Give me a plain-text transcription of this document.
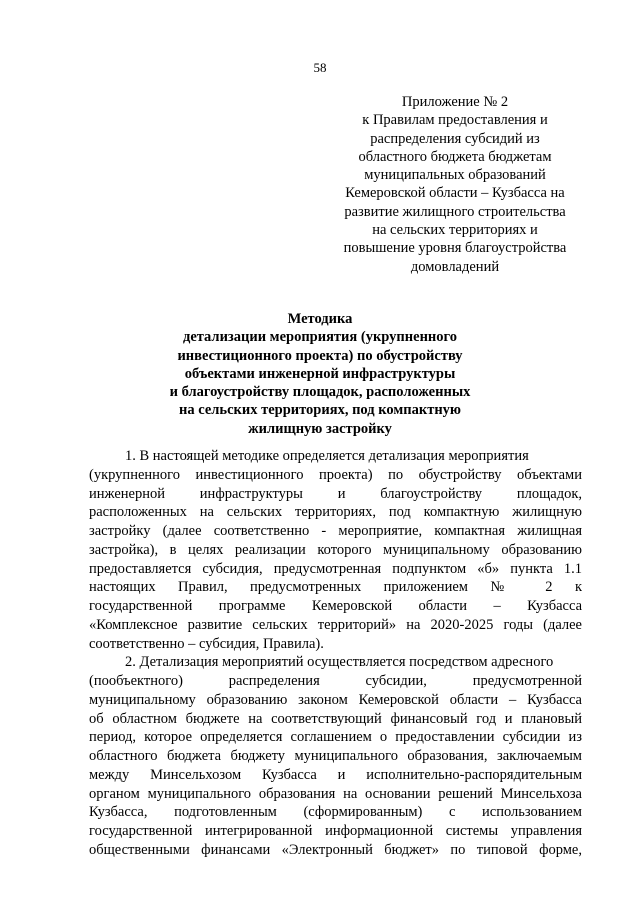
58
Приложение № 2
к Правилам предоставления и
распределения субсидий из
областного бюджета бюджетам
муниципальных образований
Кемеровской области – Кузбасса на
развитие жилищного строительства
на сельских территориях и
повышение уровня благоустройства
домовладений
Методика
детализации мероприятия (укрупненного
инвестиционного проекта) по обустройству
объектами инженерной инфраструктуры
и благоустройству площадок, расположенных
на сельских территориях, под компактную
жилищную застройку
1. В настоящей методике определяется детализация мероприятия
(укрупненного инвестиционного проекта) по обустройству объектами
инженерной инфраструктуры и благоустройству площадок,
расположенных на сельских территориях, под компактную жилищную
застройку (далее соответственно - мероприятие, компактная жилищная
застройка), в целях реализации которого муниципальному образованию
предоставляется субсидия, предусмотренная подпунктом «б» пункта 1.1
настоящих Правил, предусмотренных приложением № 2 к
государственной программе Кемеровской области – Кузбасса
«Комплексное развитие сельских территорий» на 2020-2025 годы (далее
соответственно – субсидия, Правила).
2. Детализация мероприятий осуществляется посредством адресного
(пообъектного) распределения субсидии, предусмотренной
муниципальному образованию законом Кемеровской области – Кузбасса
об областном бюджете на соответствующий финансовый год и плановый
период, которое определяется соглашением о предоставлении субсидии из
областного бюджета бюджету муниципального образования, заключаемым
между Минсельхозом Кузбасса и исполнительно-распорядительным
органом муниципального образования на основании решений Минсельхоза
Кузбасса, подготовленным (сформированным) с использованием
государственной интегрированной информационной системы управления
общественными финансами «Электронный бюджет» по типовой форме,
